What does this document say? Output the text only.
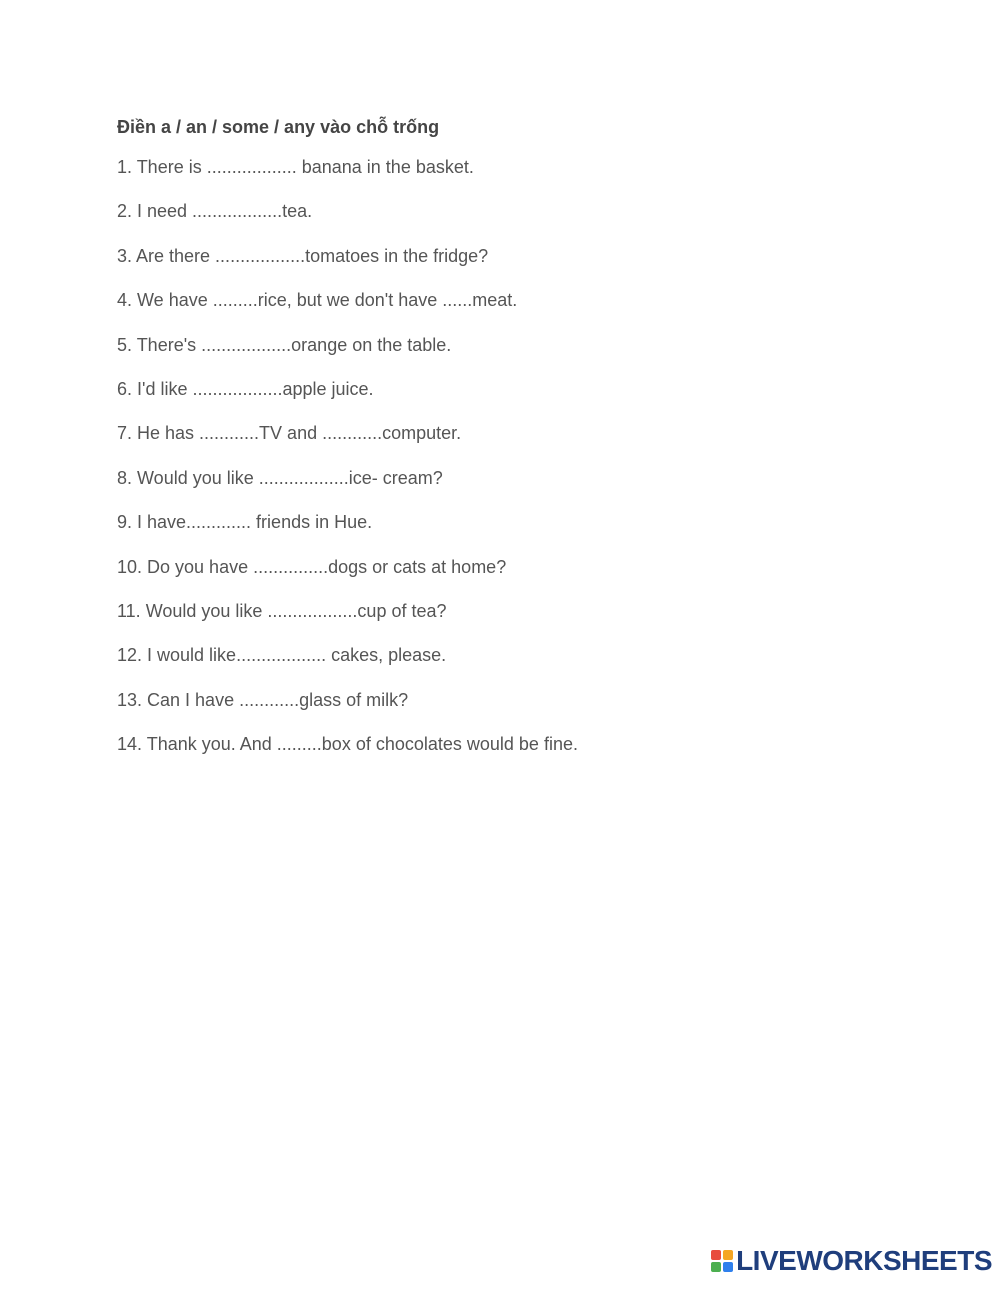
Điền a / an / some / any vào chỗ trống
1. There is .................. banana in the basket.
2. I need ..................tea.
3. Are there ..................tomatoes in the fridge?
4. We have .........rice, but we don't have ......meat.
5. There's ..................orange on the table.
6. I'd like ..................apple juice.
7. He has ............TV and ............computer.
8. Would you like ..................ice- cream?
9. I have............. friends in Hue.
10. Do you have ...............dogs or cats at home?
11. Would you like ..................cup of tea?
12. I would like.................. cakes, please.
13. Can I have ............glass of milk?
14. Thank you. And .........box of chocolates would be fine.
LIVEWORKSHEETS
